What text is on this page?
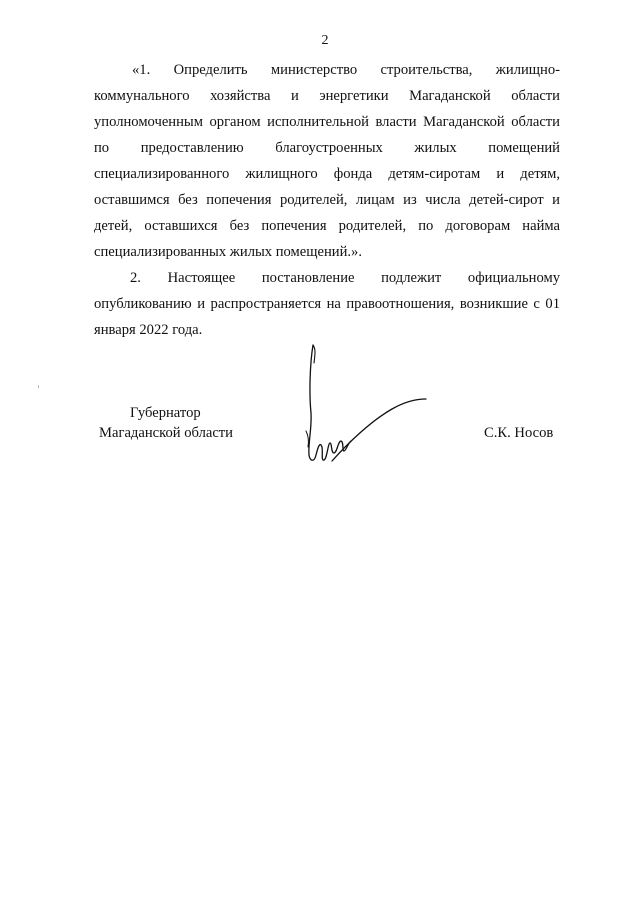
2

«1. Определить министерство строительства, жилищно-коммунального хозяйства и энергетики Магаданской области уполномоченным органом исполнительной власти Магаданской области по предоставлению благоустроенных жилых помещений специализированного жилищного фонда детям-сиротам и детям, оставшимся без попечения родителей, лицам из числа детей-сирот и детей, оставшихся без попечения родителей, по договорам найма специализированных жилых помещений.».

2. Настоящее постановление подлежит официальному опубликованию и распространяется на правоотношения, возникшие с 01 января 2022 года.

Губернатор
Магаданской области	С.К. Носов
